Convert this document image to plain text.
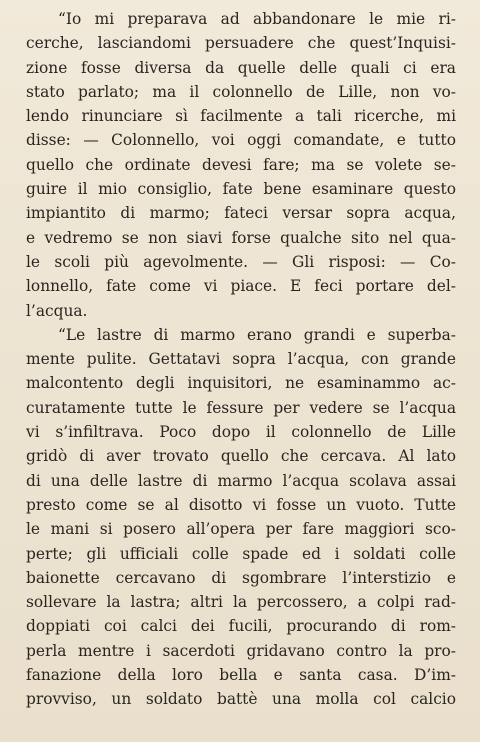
“Io mi preparava ad abbandonare le mie ri-
cerche, lasciandomi persuadere che quest’Inquisi-
zione fosse diversa da quelle delle quali ci era
stato parlato; ma il colonnello de Lille, non vo-
lendo rinunciare sì facilmente a tali ricerche, mi
disse: — Colonnello, voi oggi comandate, e tutto
quello che ordinate devesi fare; ma se volete se-
guire il mio consiglio, fate bene esaminare questo
impiantito di marmo; fateci versar sopra acqua,
e vedremo se non siavi forse qualche sito nel qua-
le scoli più agevolmente. — Gli risposi: — Co-
lonnello, fate come vi piace. E feci portare del-
l’acqua.
“Le lastre di marmo erano grandi e superba-
mente pulite. Gettatavi sopra l’acqua, con grande
malcontento degli inquisitori, ne esaminammo ac-
curatamente tutte le fessure per vedere se l’acqua
vi s’infiltrava. Poco dopo il colonnello de Lille
gridò di aver trovato quello che cercava. Al lato
di una delle lastre di marmo l’acqua scolava assai
presto come se al disotto vi fosse un vuoto. Tutte
le mani si posero all’opera per fare maggiori sco-
perte; gli ufficiali colle spade ed i soldati colle
baionette cercavano di sgombrare l’interstizio e
sollevare la lastra; altri la percossero, a colpi rad-
doppiati coi calci dei fucili, procurando di rom-
perla mentre i sacerdoti gridavano contro la pro-
fanazione della loro bella e santa casa. D’im-
provviso, un soldato battè una molla col calcio
